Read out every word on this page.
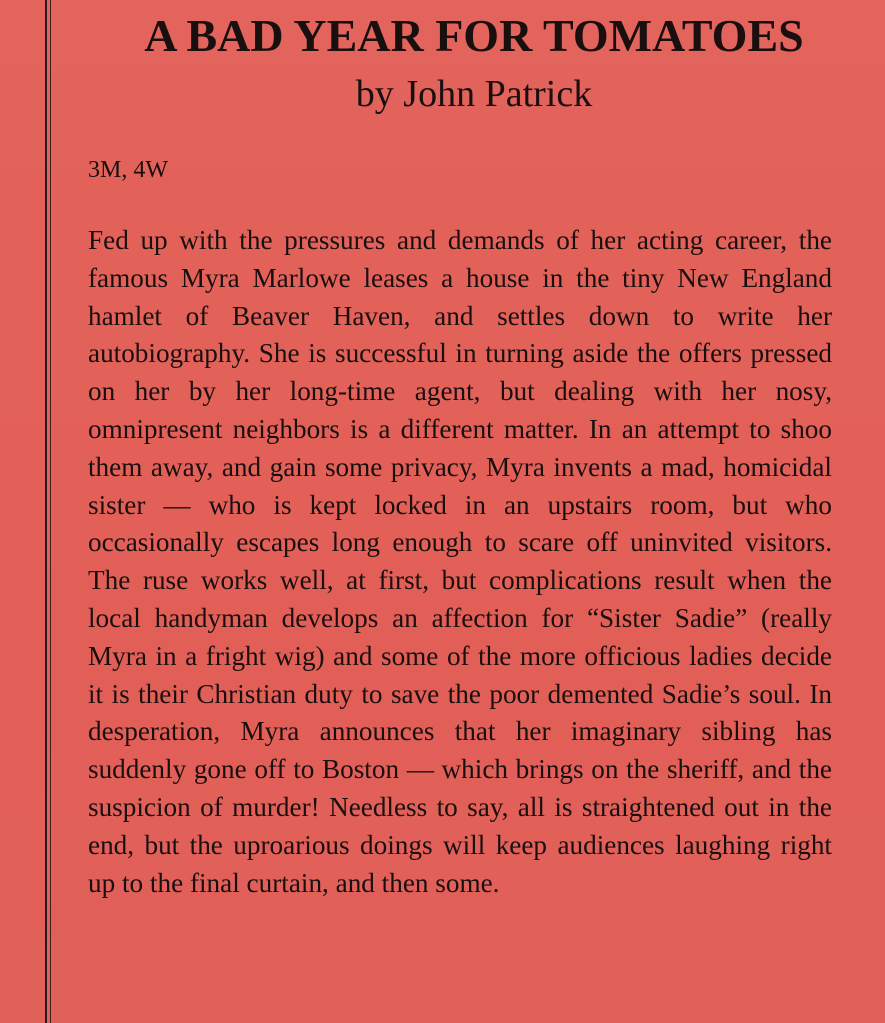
A BAD YEAR FOR TOMATOES

by John Patrick

3M, 4W

Fed up with the pressures and demands of her acting career, the famous Myra Marlowe leases a house in the tiny New England hamlet of Beaver Haven, and settles down to write her autobiography. She is successful in turning aside the offers pressed on her by her long-time agent, but dealing with her nosy, omnipresent neighbors is a different matter. In an attempt to shoo them away, and gain some privacy, Myra invents a mad, homicidal sister — who is kept locked in an upstairs room, but who occasionally escapes long enough to scare off uninvited visitors. The ruse works well, at first, but complications result when the local handyman develops an affection for “Sister Sadie” (really Myra in a fright wig) and some of the more officious ladies decide it is their Christian duty to save the poor demented Sadie’s soul. In desperation, Myra announces that her imaginary sibling has suddenly gone off to Boston — which brings on the sheriff, and the suspicion of murder! Needless to say, all is straightened out in the end, but the uproarious doings will keep audiences laughing right up to the final curtain, and then some.
